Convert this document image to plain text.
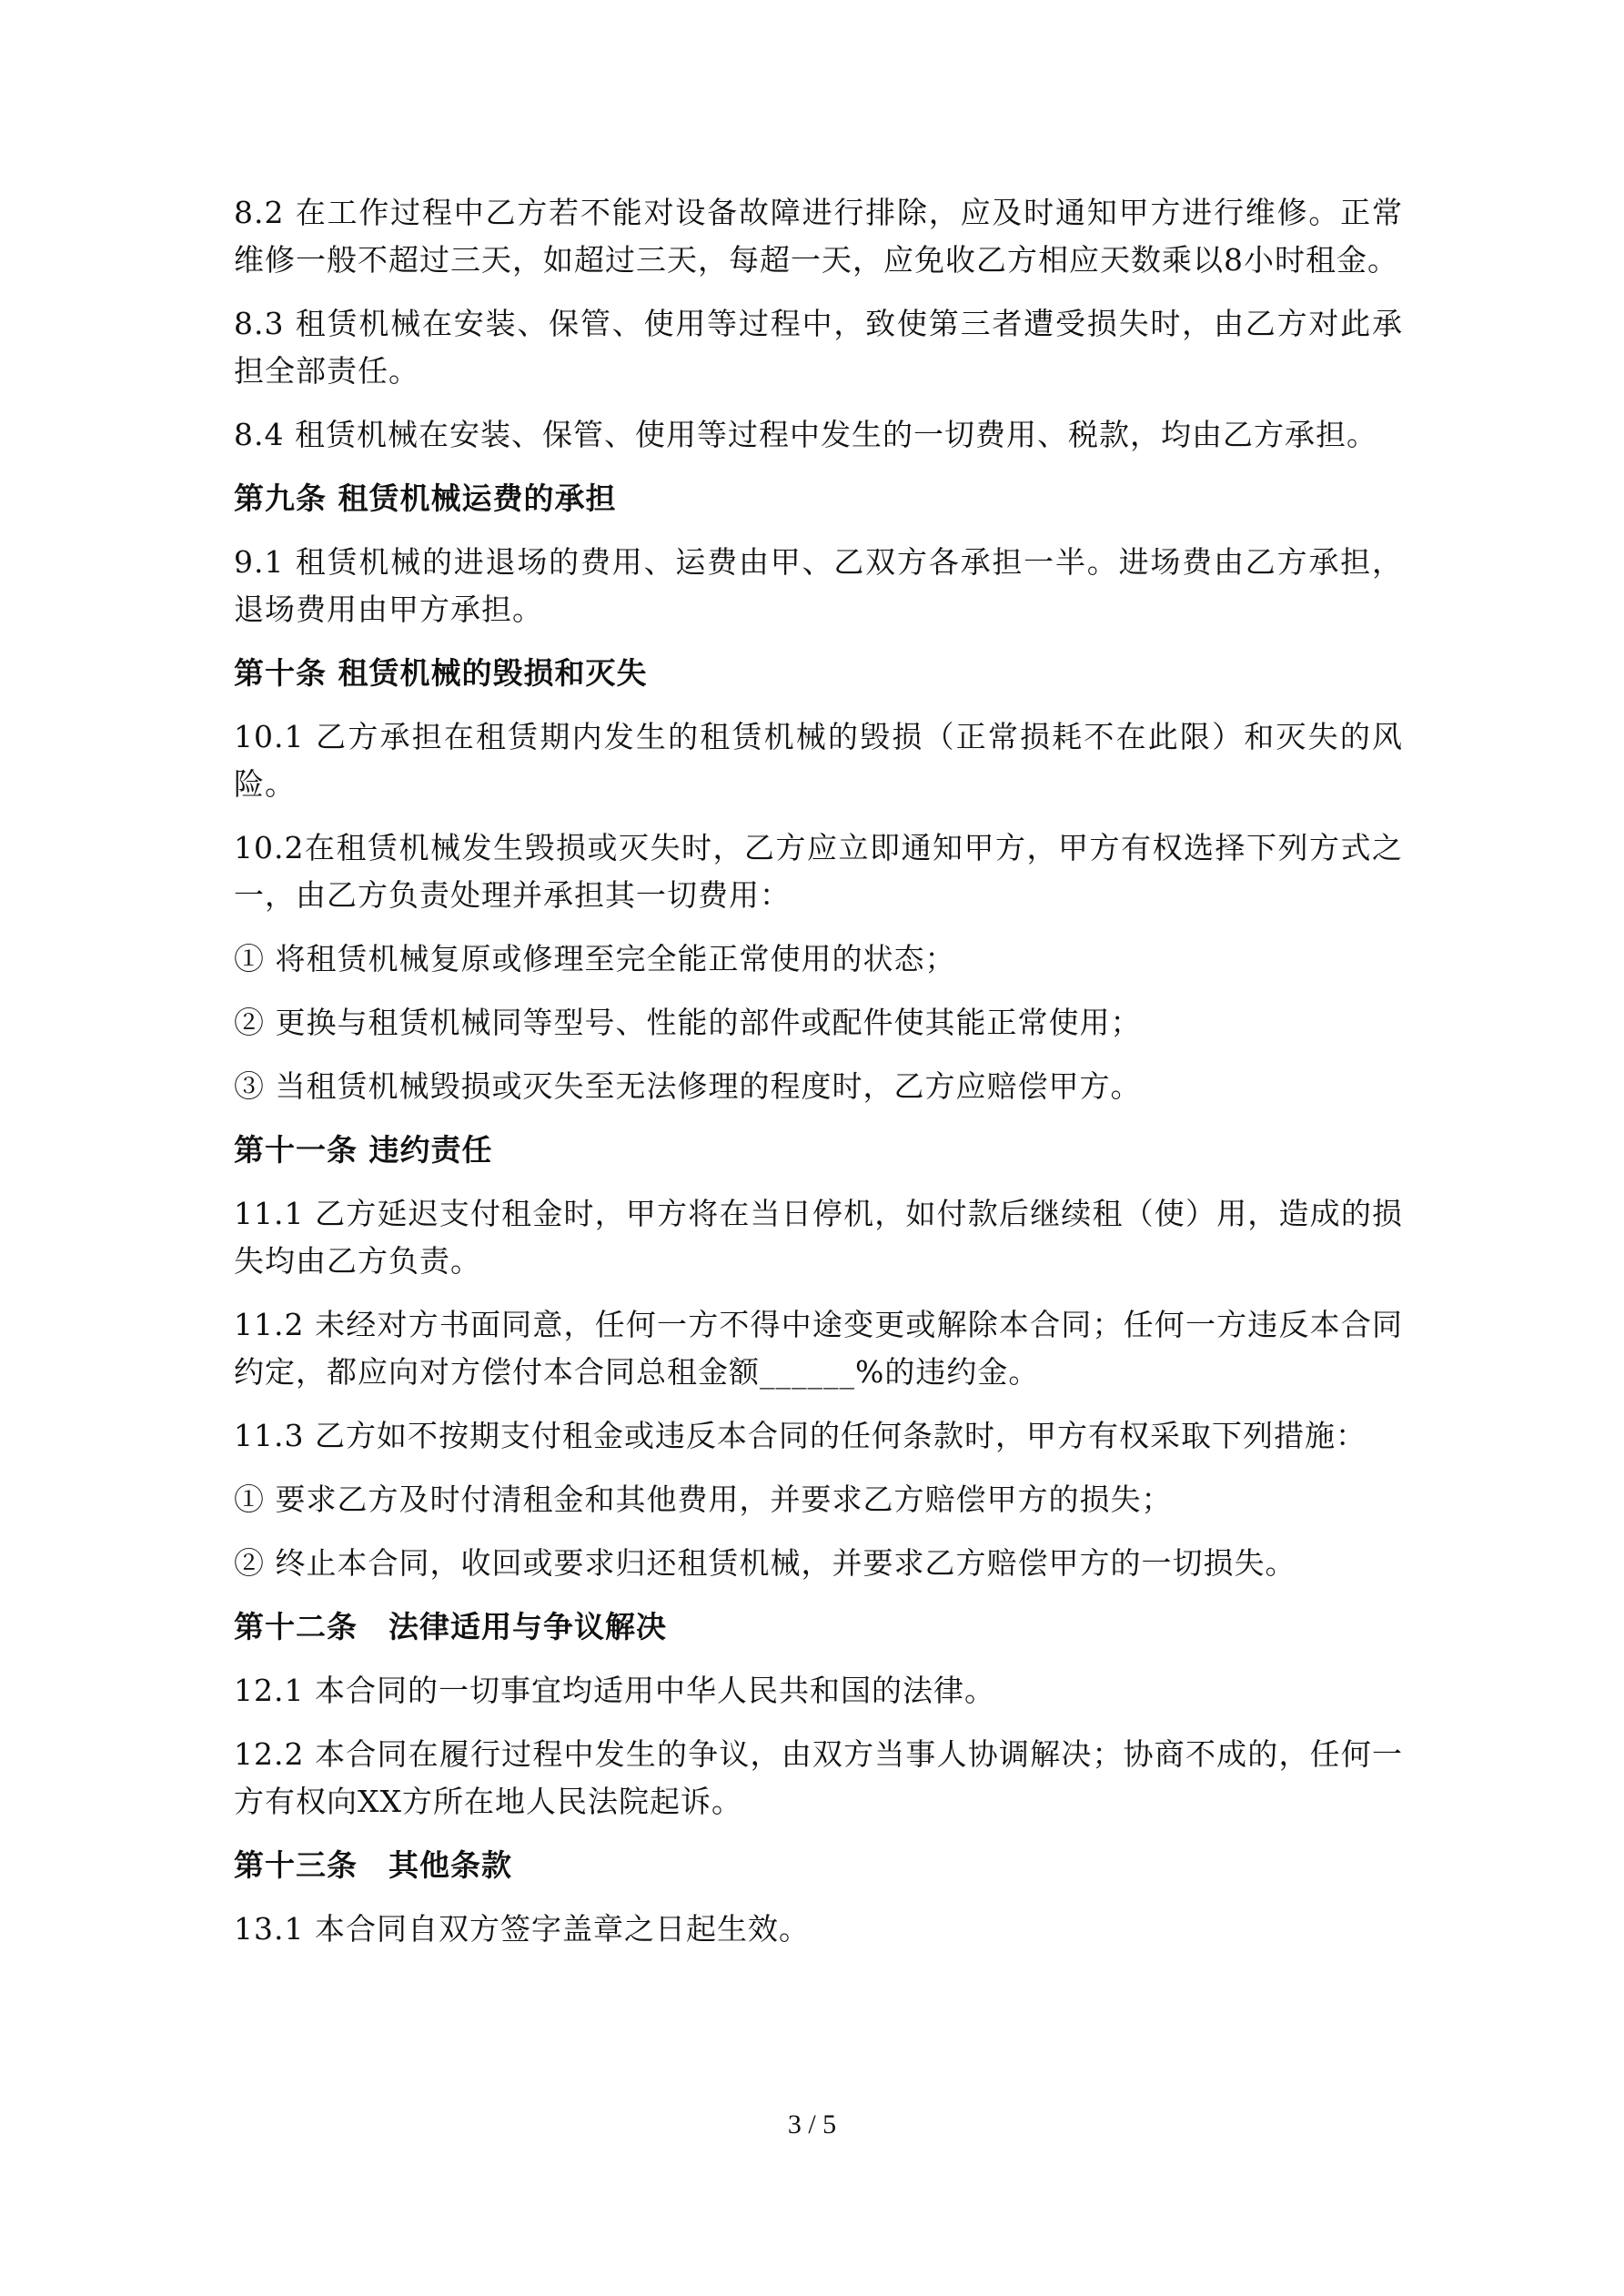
8.2 在工作过程中乙方若不能对设备故障进行排除，应及时通知甲方进行维修。正常维修一般不超过三天，如超过三天，每超一天，应免收乙方相应天数乘以8小时租金。
8.3 租赁机械在安装、保管、使用等过程中，致使第三者遭受损失时，由乙方对此承担全部责任。
8.4 租赁机械在安装、保管、使用等过程中发生的一切费用、税款，均由乙方承担。
第九条 租赁机械运费的承担
9.1 租赁机械的进退场的费用、运费由甲、乙双方各承担一半。进场费由乙方承担，退场费用由甲方承担。
第十条 租赁机械的毁损和灭失
10.1 乙方承担在租赁期内发生的租赁机械的毁损（正常损耗不在此限）和灭失的风险。
10.2在租赁机械发生毁损或灭失时，乙方应立即通知甲方，甲方有权选择下列方式之一，由乙方负责处理并承担其一切费用：
① 将租赁机械复原或修理至完全能正常使用的状态；
② 更换与租赁机械同等型号、性能的部件或配件使其能正常使用；
③ 当租赁机械毁损或灭失至无法修理的程度时，乙方应赔偿甲方。
第十一条 违约责任
11.1 乙方延迟支付租金时，甲方将在当日停机，如付款后继续租（使）用，造成的损失均由乙方负责。
11.2 未经对方书面同意，任何一方不得中途变更或解除本合同；任何一方违反本合同约定，都应向对方偿付本合同总租金额______%的违约金。
11.3 乙方如不按期支付租金或违反本合同的任何条款时，甲方有权采取下列措施：
① 要求乙方及时付清租金和其他费用，并要求乙方赔偿甲方的损失；
② 终止本合同，收回或要求归还租赁机械，并要求乙方赔偿甲方的一切损失。
第十二条　法律适用与争议解决
12.1 本合同的一切事宜均适用中华人民共和国的法律。
12.2 本合同在履行过程中发生的争议，由双方当事人协调解决；协商不成的，任何一方有权向XX方所在地人民法院起诉。
第十三条　其他条款
13.1 本合同自双方签字盖章之日起生效。
3 / 5
